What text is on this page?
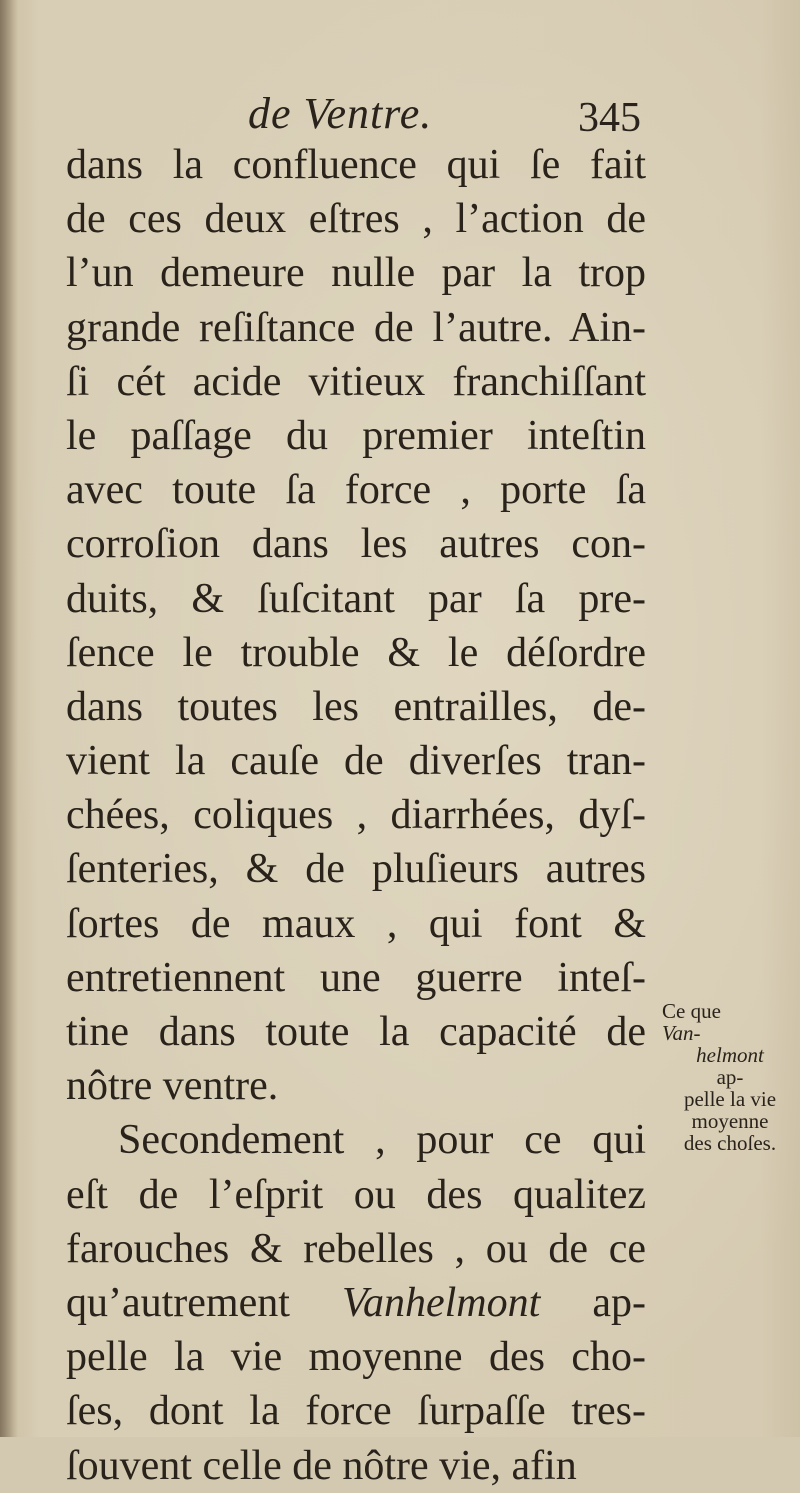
de Ventre.	345
dans la confluence qui ſe fait
de ces deux eſtres , l’action de
l’un demeure nulle par la trop
grande reſiſtance de l’autre. Ain-
ſi cét acide vitieux franchiſſant
le paſſage du premier inteſtin
avec toute ſa force , porte ſa
corroſion dans les autres con-
duits, & ſuſcitant par ſa pre-
ſence le trouble & le déſordre
dans toutes les entrailles, de-
vient la cauſe de diverſes tran-
chées, coliques , diarrhées, dyſ-
ſenteries, & de pluſieurs autres
ſortes de maux , qui font &
entretiennent une guerre inteſ-
tine dans toute la capacité de
nôtre ventre.
Secondement , pour ce qui
eſt de l’eſprit ou des qualitez
farouches & rebelles , ou de ce
qu’autrement Vanhelmont ap-
pelle la vie moyenne des cho-
ſes, dont la force ſurpaſſe tres-
ſouvent celle de nôtre vie, afin
Ce que
Van-
helmont
ap-
pelle la vie
moyenne
des choſes.
